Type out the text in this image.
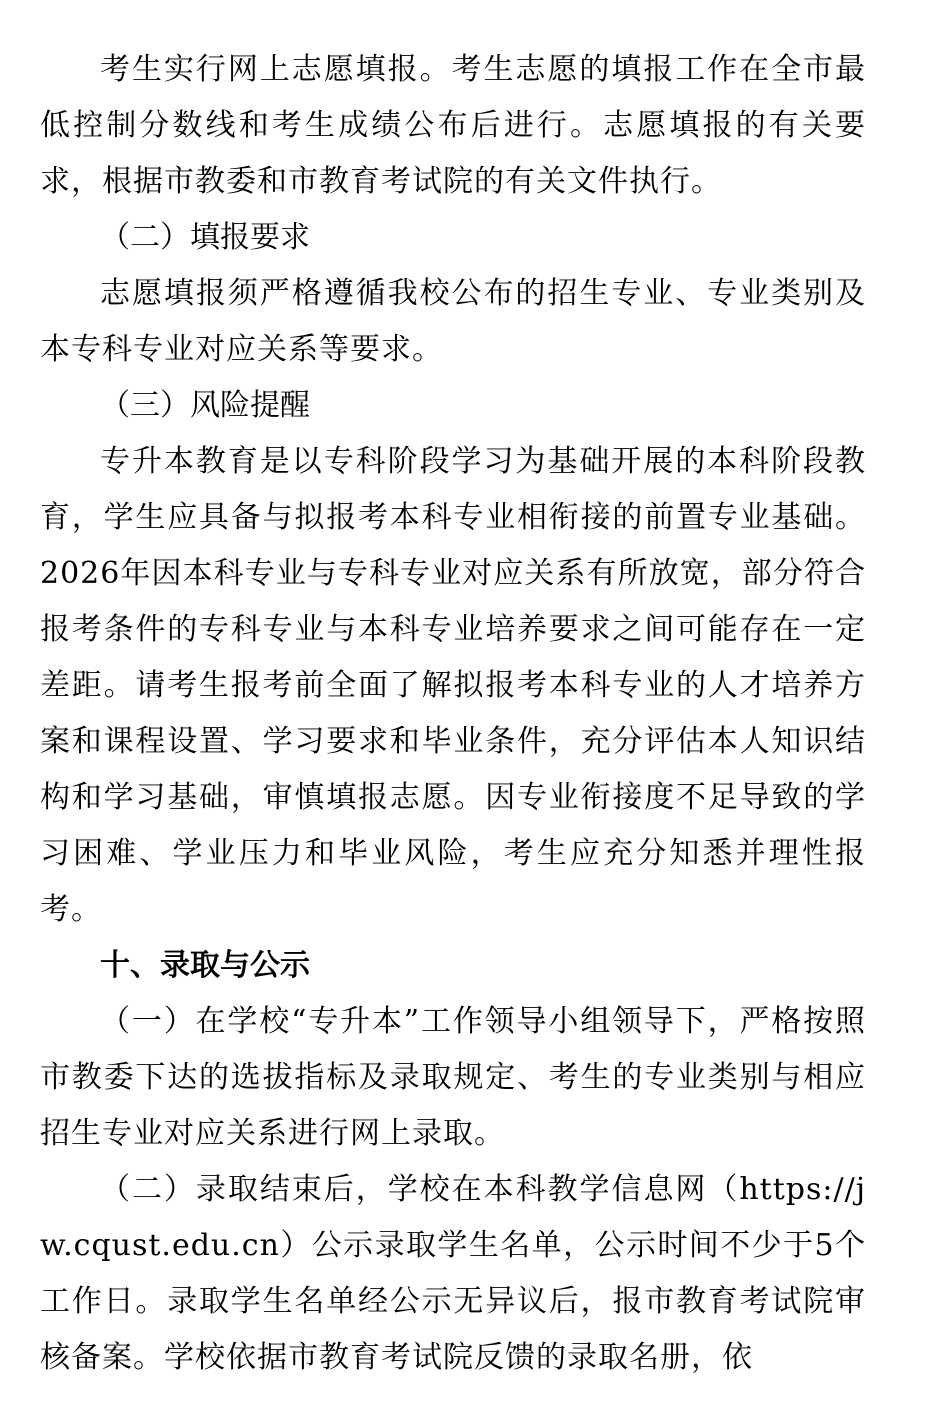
考生实行网上志愿填报。考生志愿的填报工作在全市最低控制分数线和考生成绩公布后进行。志愿填报的有关要求，根据市教委和市教育考试院的有关文件执行。

（二）填报要求

志愿填报须严格遵循我校公布的招生专业、专业类别及本专科专业对应关系等要求。

（三）风险提醒

专升本教育是以专科阶段学习为基础开展的本科阶段教育，学生应具备与拟报考本科专业相衔接的前置专业基础。2026年因本科专业与专科专业对应关系有所放宽，部分符合报考条件的专科专业与本科专业培养要求之间可能存在一定差距。请考生报考前全面了解拟报考本科专业的人才培养方案和课程设置、学习要求和毕业条件，充分评估本人知识结构和学习基础，审慎填报志愿。因专业衔接度不足导致的学习困难、学业压力和毕业风险，考生应充分知悉并理性报考。

十、录取与公示

（一）在学校“专升本”工作领导小组领导下，严格按照市教委下达的选拔指标及录取规定、考生的专业类别与相应招生专业对应关系进行网上录取。

（二）录取结束后，学校在本科教学信息网（https://jw.cqust.edu.cn）公示录取学生名单，公示时间不少于5个工作日。录取学生名单经公示无异议后，报市教育考试院审核备案。学校依据市教育考试院反馈的录取名册，依
